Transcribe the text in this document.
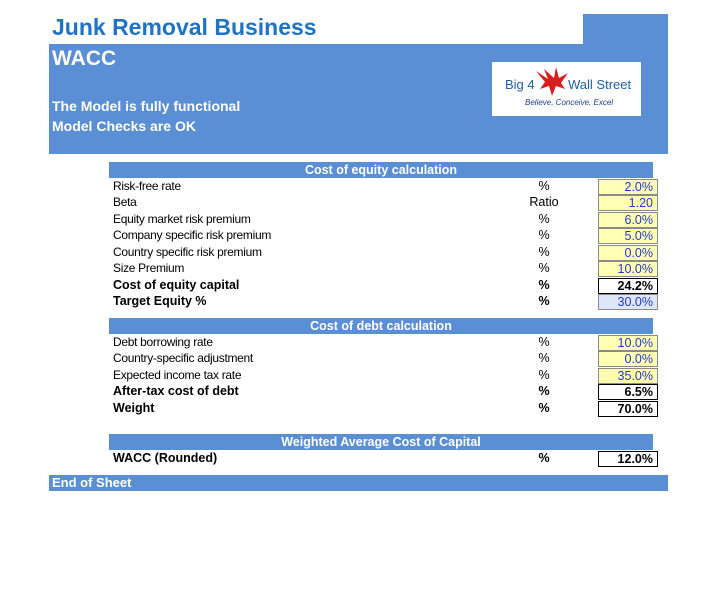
Junk Removal Business
WACC
The Model is fully functional
Model Checks are OK
Big 4	Wall Street
Believe, Conceive, Excel
Cost of equity calculation
Risk-free rate	%	2.0%
Beta	Ratio	1.20
Equity market risk premium	%	6.0%
Company specific risk premium	%	5.0%
Country specific risk premium	%	0.0%
Size Premium	%	10.0%
Cost of equity capital	%	24.2%
Target Equity %	%	30.0%
Cost of debt calculation
Debt borrowing rate	%	10.0%
Country-specific adjustment	%	0.0%
Expected income tax rate	%	35.0%
After-tax cost of debt	%	6.5%
Weight	%	70.0%
Weighted Average Cost of Capital
WACC (Rounded)	%	12.0%
End of Sheet
